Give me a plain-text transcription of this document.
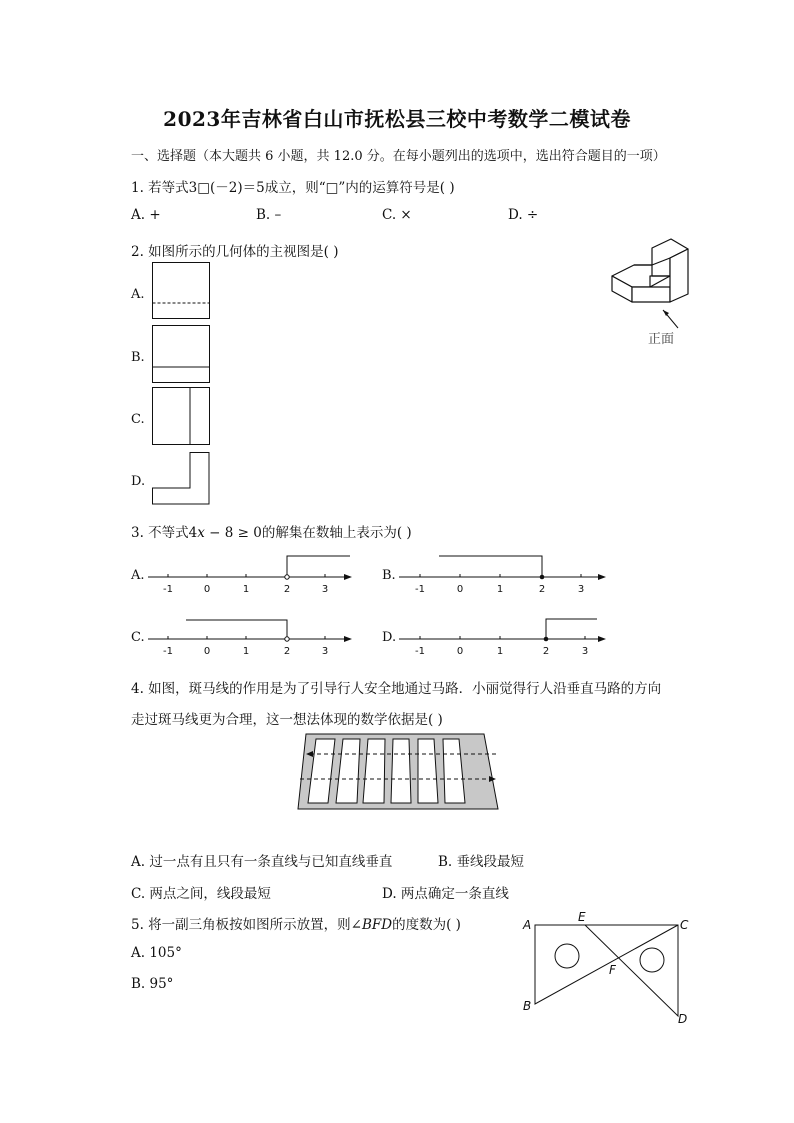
2023年吉林省白山市抚松县三校中考数学二模试卷
一、选择题（本大题共 6 小题，共 12.0 分。在每小题列出的选项中，选出符合题目的一项）
1. 若等式3□(－2)＝5成立，则“□”内的运算符号是( )
A. +	B. –	C. ×	D. ÷
2. 如图所示的几何体的主视图是( )
正面
A.
B.
C.
D.
3. 不等式4𝑥 − 8 ≥ 0的解集在数轴上表示为( )
A.	B.
C.	D.
-1	0	1	2	3	-1	0	1	2	3
-1	0	1	2	3	-1	0	1	2	3
4. 如图，斑马线的作用是为了引导行人安全地通过马路．小丽觉得行人沿垂直马路的方向
走过斑马线更为合理，这一想法体现的数学依据是( )
A. 过一点有且只有一条直线与已知直线垂直	B. 垂线段最短
C. 两点之间，线段最短	D. 两点确定一条直线
5. 将一副三角板按如图所示放置，则∠𝐵𝐹𝐷的度数为( )
A. 105°
B. 95°
A
E
C
F
B
D
